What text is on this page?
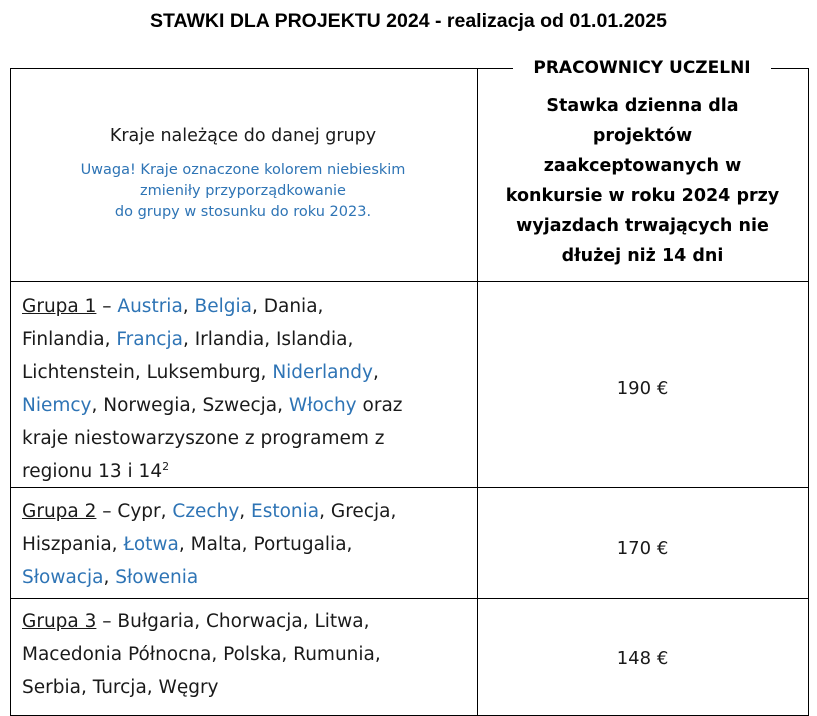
STAWKI DLA PROJEKTU 2024 - realizacja od 01.01.2025
PRACOWNICY UCZELNI
Kraje należące do danej grupy
Uwaga! Kraje oznaczone kolorem niebieskim
zmieniły przyporządkowanie
do grupy w stosunku do roku 2023.
Stawka dzienna dla
projektów
zaakceptowanych w
konkursie w roku 2024 przy
wyjazdach trwających nie
dłużej niż 14 dni
Grupa 1 – Austria, Belgia, Dania,
Finlandia, Francja, Irlandia, Islandia,
Lichtenstein, Luksemburg, Niderlandy,
Niemcy, Norwegia, Szwecja, Włochy oraz
kraje niestowarzyszone z programem z
regionu 13 i $14^2$
190 €
Grupa 2 – Cypr, Czechy, Estonia, Grecja,
Hiszpania, Łotwa, Malta, Portugalia,
Słowacja, Słowenia
170 €
Grupa 3 – Bułgaria, Chorwacja, Litwa,
Macedonia Północna, Polska, Rumunia,
Serbia, Turcja, Węgry
148 €
